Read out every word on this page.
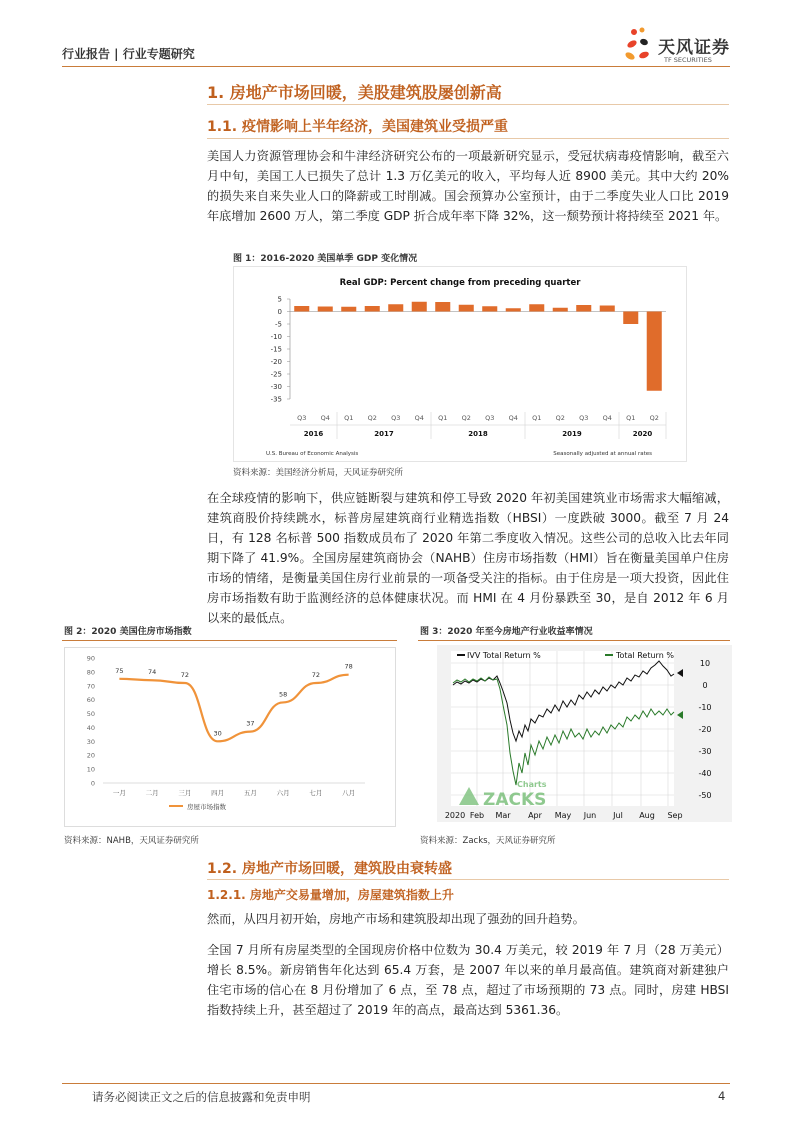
行业报告 | 行业专题研究	天风证券
TF SECURITIES
1. 房地产市场回暖，美股建筑股屡创新高
1.1. 疫情影响上半年经济，美国建筑业受损严重
美国人力资源管理协会和牛津经济研究公布的一项最新研究显示，受冠状病毒疫情影响，截至六月中旬，美国工人已损失了总计 1.3 万亿美元的收入，平均每人近 8900 美元。其中大约 20%的损失来自来失业人口的降薪或工时削减。国会预算办公室预计，由于二季度失业人口比 2019 年底增加 2600 万人，第二季度 GDP 折合成年率下降 32%，这一颓势预计将持续至 2021 年。
图 1：2016-2020 美国单季 GDP 变化情况
Real GDP: Percent change from preceding quarter
5
0
-5
-10
-15
-20
-25
-30
-35
Q3 Q4 Q1 Q2 Q3 Q4 Q1 Q2 Q3 Q4 Q1 Q2 Q3 Q4 Q1 Q2
2016	2017	2018	2019	2020
U.S. Bureau of Economic Analysis	Seasonally adjusted at annual rates
资料来源：美国经济分析局，天风证券研究所
在全球疫情的影响下，供应链断裂与建筑和停工导致 2020 年初美国建筑业市场需求大幅缩减，建筑商股价持续跳水，标普房屋建筑商行业精选指数（HBSI）一度跌破 3000。截至 7 月 24 日，有 128 名标普 500 指数成员布了 2020 年第二季度收入情况。这些公司的总收入比去年同期下降了 41.9%。全国房屋建筑商协会（NAHB）住房市场指数（HMI）旨在衡量美国单户住房市场的情绪，是衡量美国住房行业前景的一项备受关注的指标。由于住房是一项大投资，因此住房市场指数有助于监测经济的总体健康状况。而 HMI 在 4 月份暴跌至 30，是自 2012 年 6 月以来的最低点。
图 2：2020 美国住房市场指数
90
80
70
60
50
40
30
20
10
0
一月	二月	三月	四月	五月	六月	七月	八月
75	74	72
30
37
58
72
78
房屋市场指数
资料来源：NAHB，天风证券研究所
图 3：2020 年至今房地产行业收益率情况
IVV Total Return %	Total Return %
10
0
-10
-20
-30
-40
-50
2020 Feb Mar Apr May Jun Jul Aug Sep
Charts
ZACKS
资料来源：Zacks，天风证券研究所
1.2. 房地产市场回暖，建筑股由衰转盛
1.2.1. 房地产交易量增加，房屋建筑指数上升
然而，从四月初开始，房地产市场和建筑股却出现了强劲的回升趋势。
全国 7 月所有房屋类型的全国现房价格中位数为 30.4 万美元，较 2019 年 7 月（28 万美元）增长 8.5%。新房销售年化达到 65.4 万套，是 2007 年以来的单月最高值。建筑商对新建独户住宅市场的信心在 8 月份增加了 6 点，至 78 点，超过了市场预期的 73 点。同时，房建 HBSI 指数持续上升，甚至超过了 2019 年的高点，最高达到 5361.36。
请务必阅读正文之后的信息披露和免责申明	4
